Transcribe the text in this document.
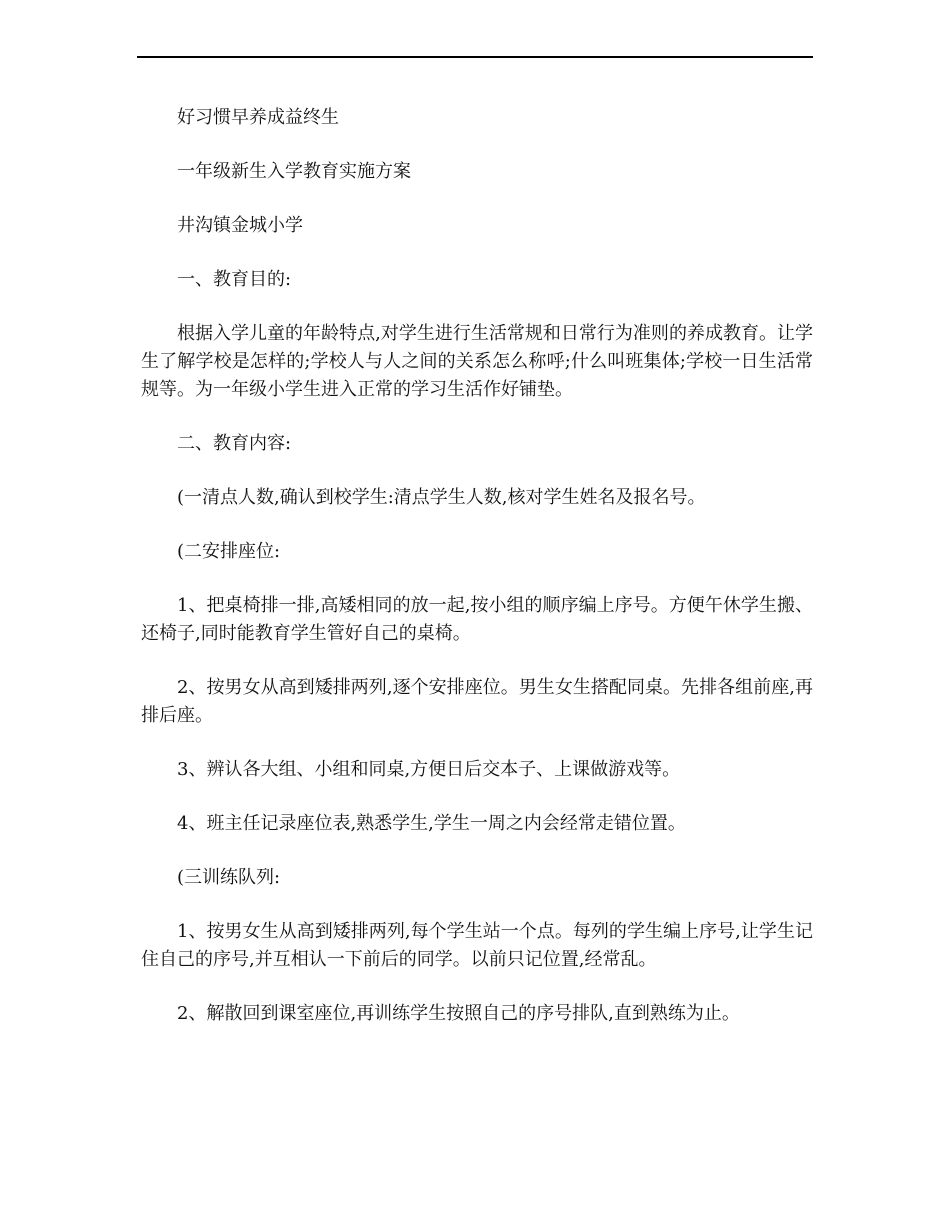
好习惯早养成益终生

一年级新生入学教育实施方案

井沟镇金城小学

一、教育目的:

根据入学儿童的年龄特点,对学生进行生活常规和日常行为准则的养成教育。让学生了解学校是怎样的;学校人与人之间的关系怎么称呼;什么叫班集体;学校一日生活常规等。为一年级小学生进入正常的学习生活作好铺垫。

二、教育内容:

(一清点人数,确认到校学生:清点学生人数,核对学生姓名及报名号。

(二安排座位:

1、把桌椅排一排,高矮相同的放一起,按小组的顺序编上序号。方便午休学生搬、还椅子,同时能教育学生管好自己的桌椅。

2、按男女从高到矮排两列,逐个安排座位。男生女生搭配同桌。先排各组前座,再排后座。

3、辨认各大组、小组和同桌,方便日后交本子、上课做游戏等。

4、班主任记录座位表,熟悉学生,学生一周之内会经常走错位置。

(三训练队列:

1、按男女生从高到矮排两列,每个学生站一个点。每列的学生编上序号,让学生记住自己的序号,并互相认一下前后的同学。以前只记位置,经常乱。

2、解散回到课室座位,再训练学生按照自己的序号排队,直到熟练为止。
